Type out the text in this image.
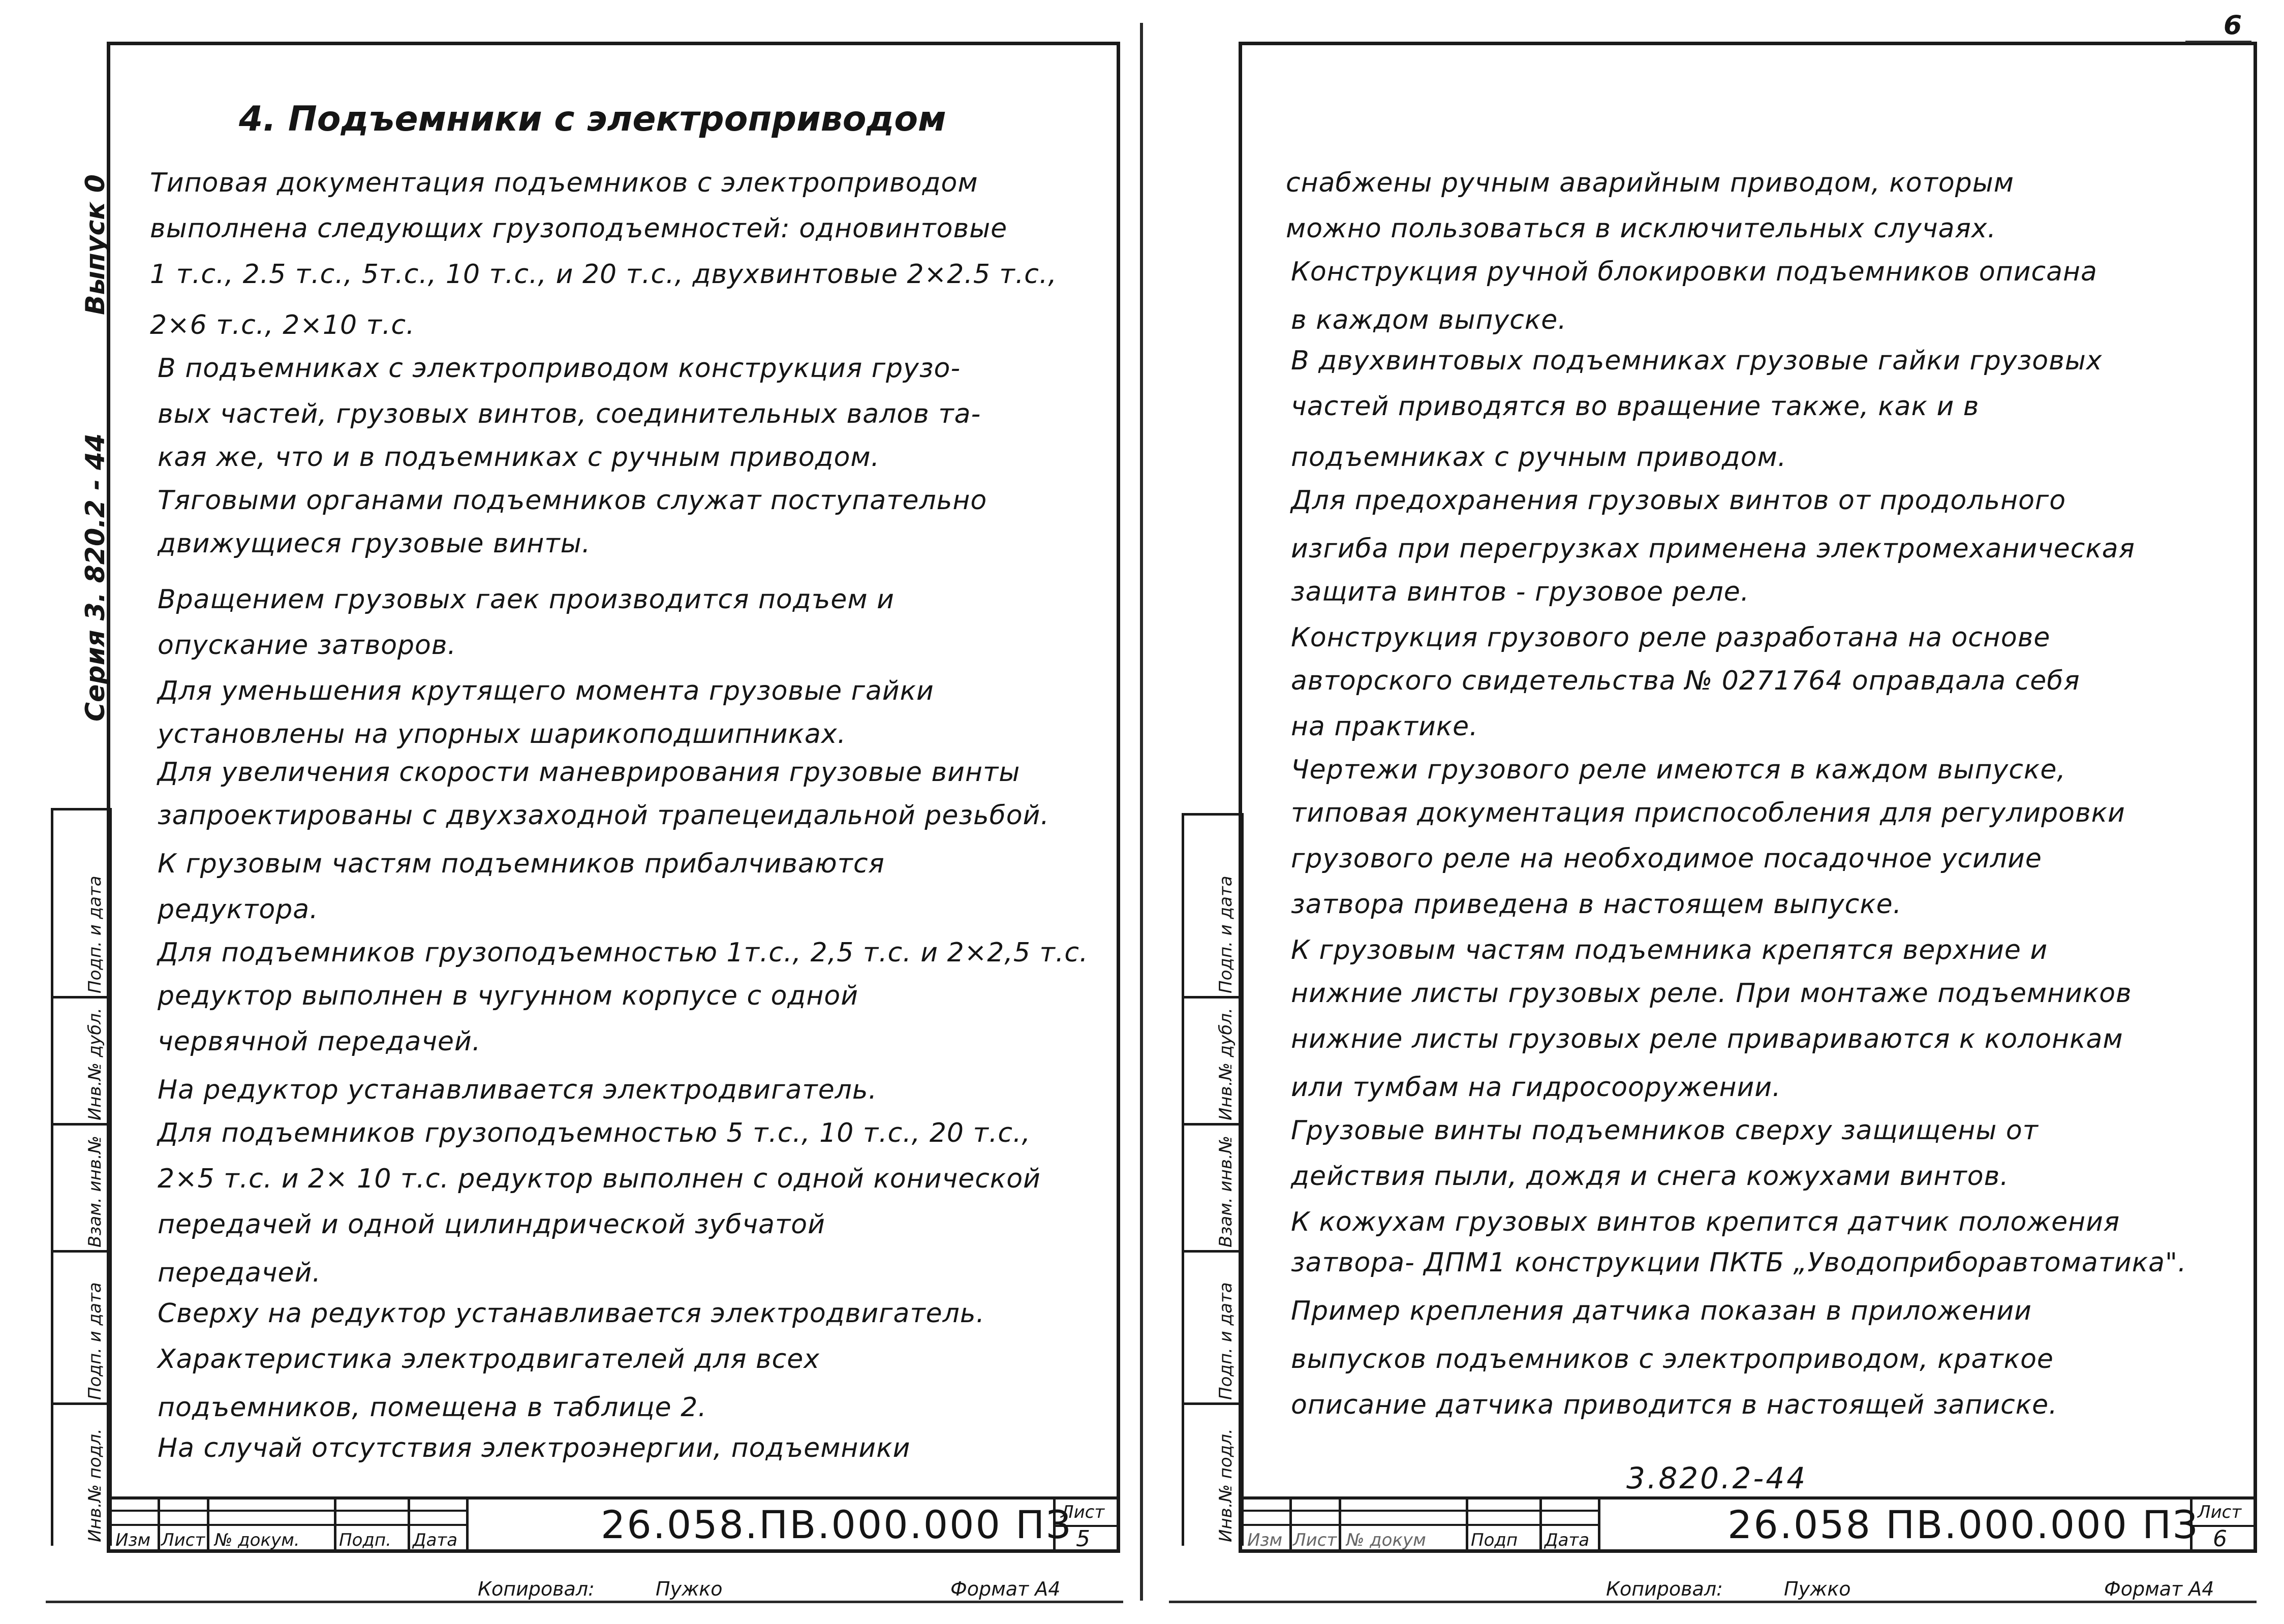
Выпуск 0
Серия 3. 820.2 - 44
4. Подъемники с электроприводом
Типовая документация подъемников с электроприводом
выполнена следующих грузоподъемностей: одновинтовые
1 т.с., 2.5 т.с., 5т.с., 10 т.с., и 20 т.с., двухвинтовые 2×2.5 т.с.,
2×6 т.с., 2×10 т.с.
В подъемниках с электроприводом конструкция грузо-
вых частей, грузовых винтов, соединительных валов та-
кая же, что и в подъемниках с ручным приводом.
Тяговыми органами подъемников служат поступательно
движущиеся грузовые винты.
Вращением грузовых гаек производится подъем и
опускание затворов.
Для уменьшения крутящего момента грузовые гайки
установлены на упорных шарикоподшипниках.
Для увеличения скорости маневрирования грузовые винты
запроектированы с двухзаходной трапецеидальной резьбой.
К грузовым частям подъемников прибалчиваются
редуктора.
Для подъемников грузоподъемностью 1т.с., 2,5 т.с. и 2×2,5 т.с.
редуктор выполнен в чугунном корпусе с одной
червячной передачей.
На редуктор устанавливается электродвигатель.
Для подъемников грузоподъемностью 5 т.с., 10 т.с., 20 т.с.,
2×5 т.с. и 2× 10 т.с. редуктор выполнен с одной конической
передачей и одной цилиндрической зубчатой
передачей.
Сверху на редуктор устанавливается электродвигатель.
Характеристика электродвигателей для всех
подъемников, помещена в таблице 2.
На случай отсутствия электроэнергии, подъемники
Инв.№ подл.
Подп. и дата
Взам. инв.№
Инв.№ дубл.
Подп. и дата
Изм Лист № докум. Подп. Дата	26.058.ПВ.000.000 ПЗ
Лист
5
Копировал:	Пужко	Формат А4
6
снабжены ручным аварийным приводом, которым
можно пользоваться в исключительных случаях.
Конструкция ручной блокировки подъемников описана
в каждом выпуске.
В двухвинтовых подъемниках грузовые гайки грузовых
частей приводятся во вращение также, как и в
подъемниках с ручным приводом.
Для предохранения грузовых винтов от продольного
изгиба при перегрузках применена электромеханическая
защита винтов - грузовое реле.
Конструкция грузового реле разработана на основе
авторского свидетельства № 0271764 оправдала себя
на практике.
Чертежи грузового реле имеются в каждом выпуске,
типовая документация приспособления для регулировки
грузового реле на необходимое посадочное усилие
затвора приведена в настоящем выпуске.
К грузовым частям подъемника крепятся верхние и
нижние листы грузовых реле. При монтаже подъемников
нижние листы грузовых реле приваривaются к колонкам
или тумбам на гидросооружении.
Грузовые винты подъемников сверху защищены от
действия пыли, дождя и снега кожухами винтов.
К кожухам грузовых винтов крепится датчик положения
затвора- ДПМ1 конструкции ПКТБ „Уводоприборавтоматика".
Пример крепления датчика показан в приложении
выпусков подъемников с электроприводом, краткое
описание датчика приводится в настоящей записке.
3.820.2-44
Инв.№ подл.
Подп. и дата
Взам. инв.№
Инв.№ дубл.
Подп. и дата
Изм Лист № докум	Подп Дата	26.058 ПВ.000.000 ПЗ
Лист
6
Копировал:	Пужко	Формат А4
